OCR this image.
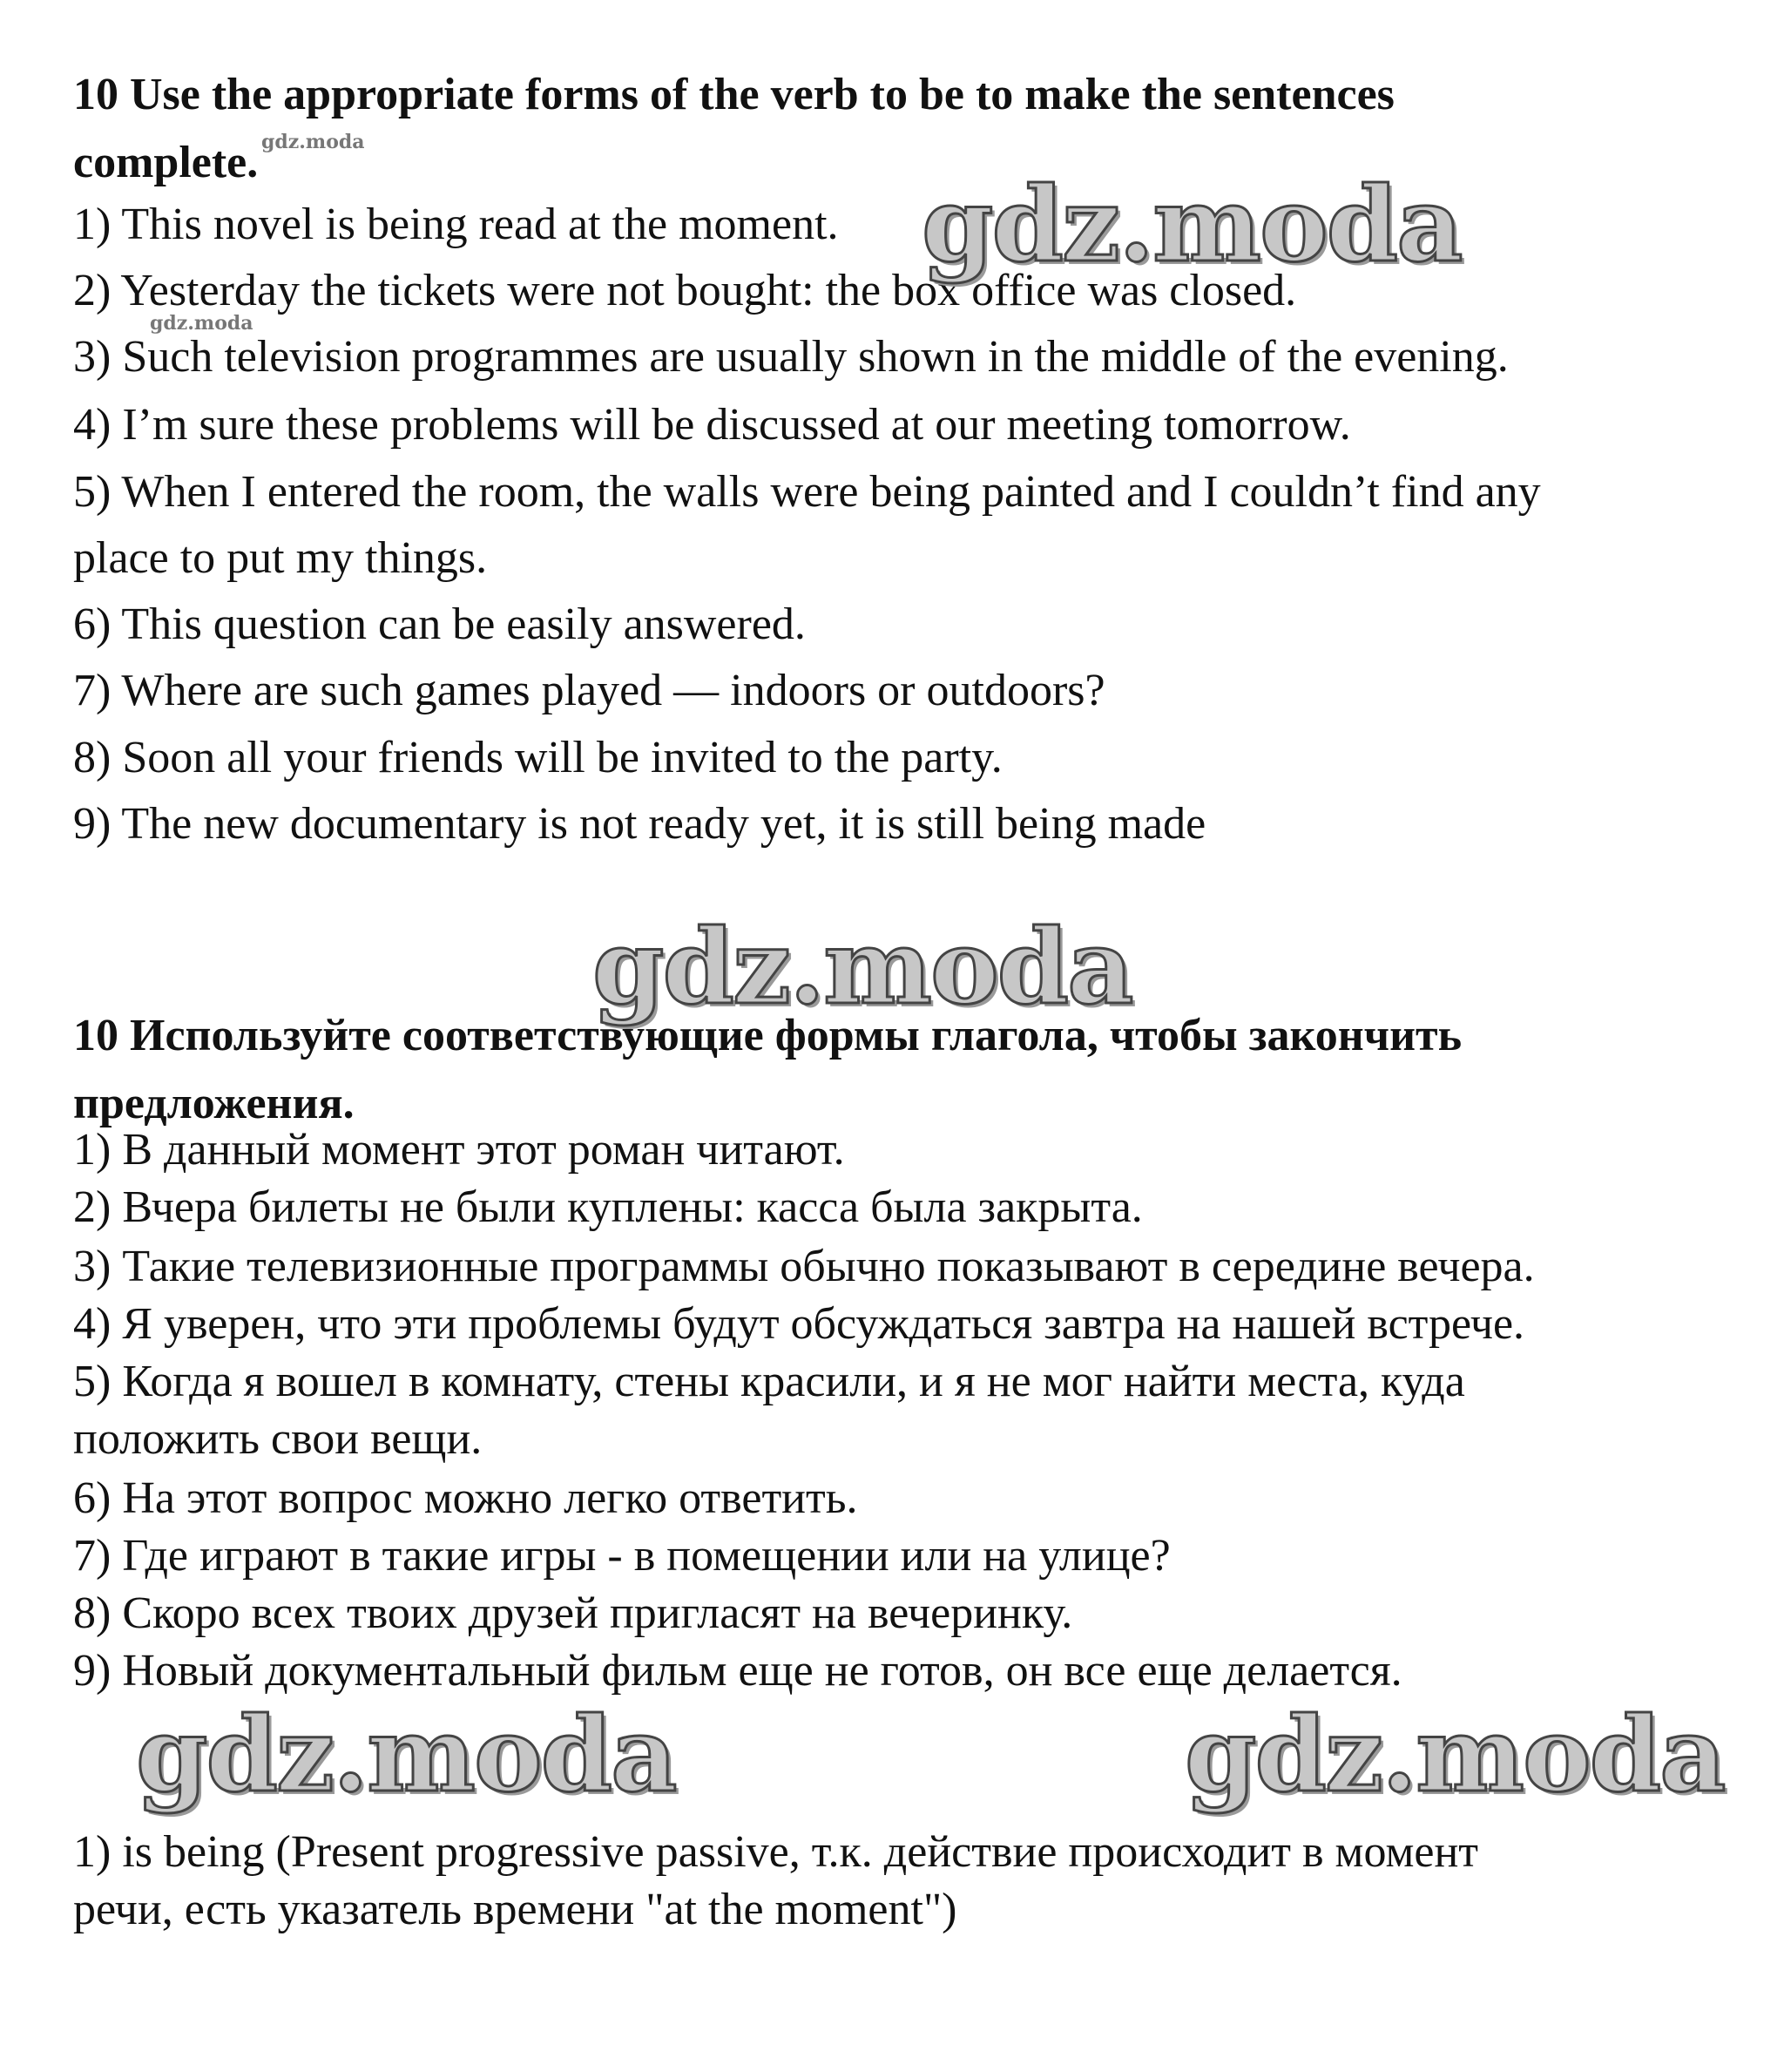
10 Use the appropriate forms of the verb to be to make the sentences
complete.
1) This novel is being read at the moment.
2) Yesterday the tickets were not bought: the box office was closed.
3) Such television programmes are usually shown in the middle of the evening.
4) I’m sure these problems will be discussed at our meeting tomorrow.
5) When I entered the room, the walls were being painted and I couldn’t find any
place to put my things.
6) This question can be easily answered.
7) Where are such games played — indoors or outdoors?
8) Soon all your friends will be invited to the party.
9) The new documentary is not ready yet, it is still being made
10 Используйте соответствующие формы глагола, чтобы закончить
предложения.
1) В данный момент этот роман читают.
2) Вчера билеты не были куплены: касса была закрыта.
3) Такие телевизионные программы обычно показывают в середине вечера.
4) Я уверен, что эти проблемы будут обсуждаться завтра на нашей встрече.
5) Когда я вошел в комнату, стены красили, и я не мог найти места, куда
положить свои вещи.
6) На этот вопрос можно легко ответить.
7) Где играют в такие игры - в помещении или на улице?
8) Скоро всех твоих друзей пригласят на вечеринку.
9) Новый документальный фильм еще не готов, он все еще делается.
1) is being (Present progressive passive, т.к. действие происходит в момент
речи, есть указатель времени "at the moment")
gdz.moda
gdz.moda
gdz.moda
gdz.moda
gdz.moda	gdz.moda
